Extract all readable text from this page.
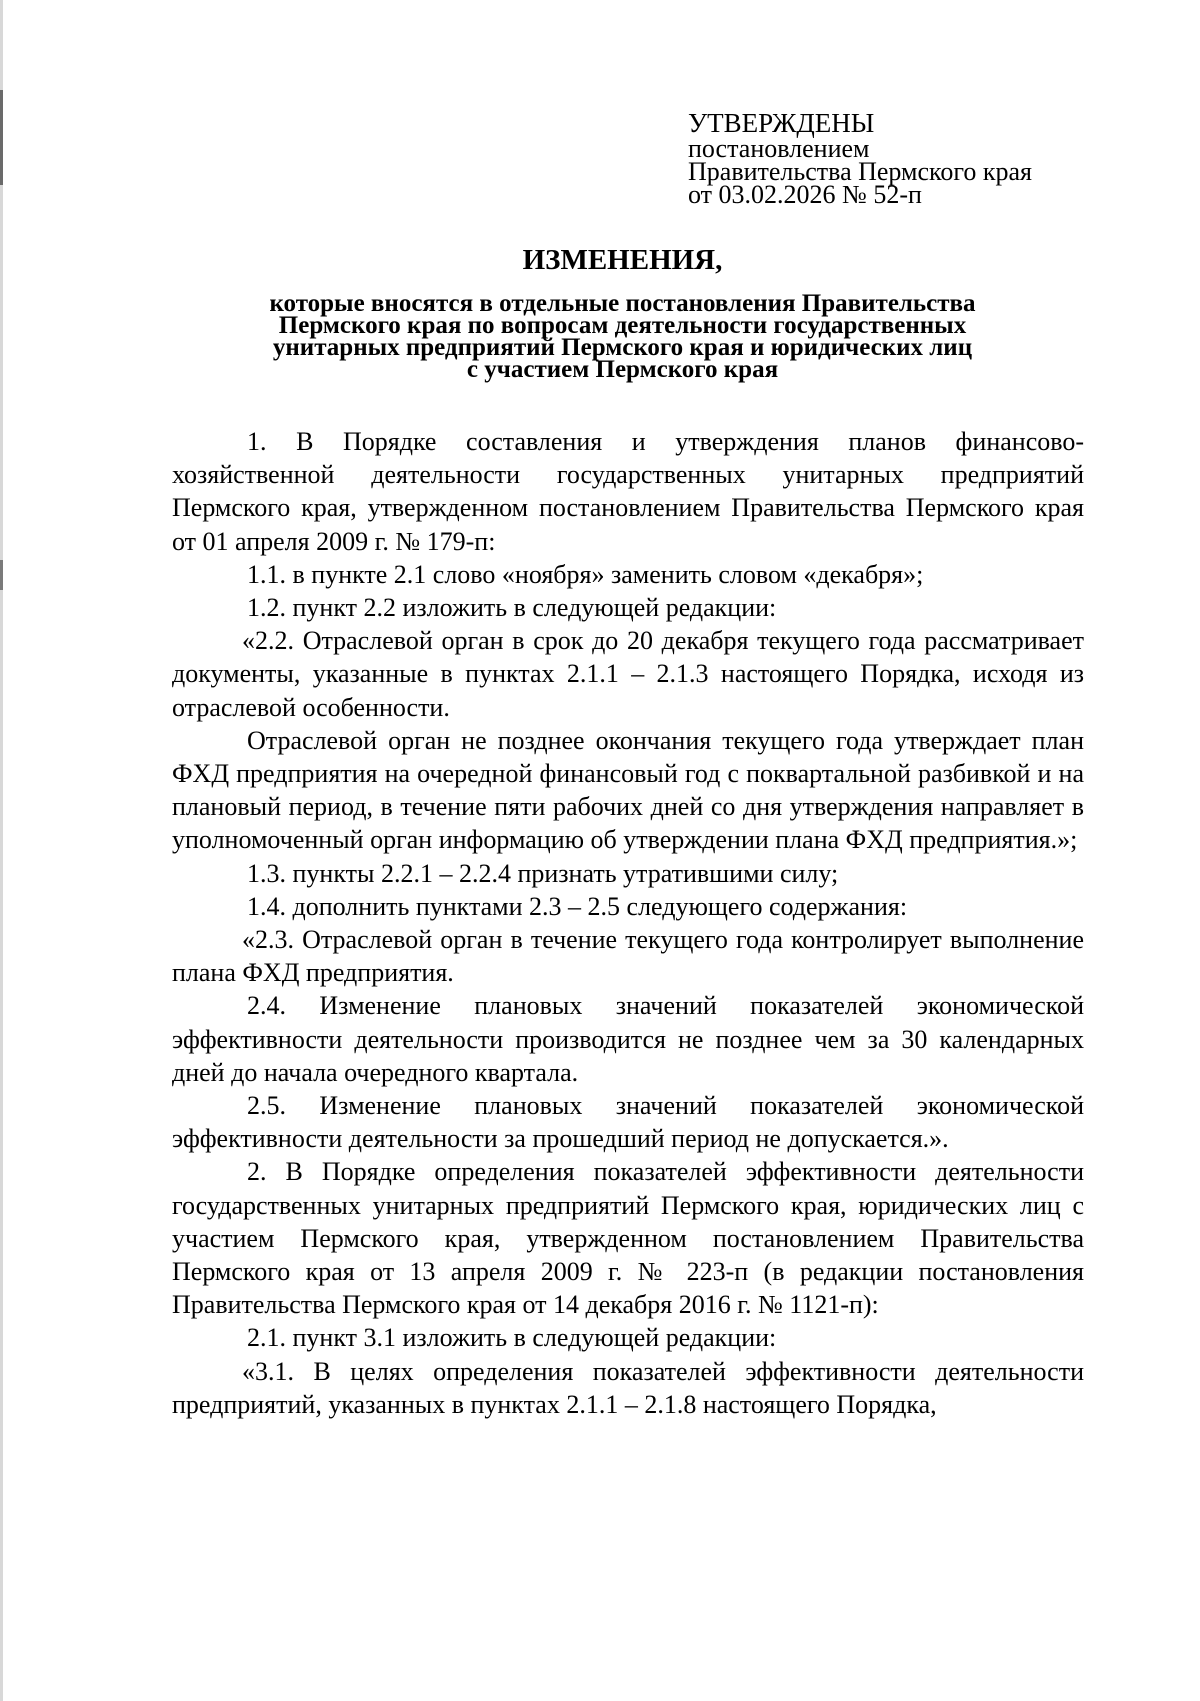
УТВЕРЖДЕНЫ
постановлением
Правительства Пермского края
от 03.02.2026 № 52-п
ИЗМЕНЕНИЯ,
которые вносятся в отдельные постановления Правительства
Пермского края по вопросам деятельности государственных
унитарных предприятий Пермского края и юридических лиц
с участием Пермского края

1. В Порядке составления и утверждения планов финансово-хозяйственной деятельности государственных унитарных предприятий Пермского края, утвержденном постановлением Правительства Пермского края от 01 апреля 2009 г. № 179-п:

1.1. в пункте 2.1 слово «ноября» заменить словом «декабря»;

1.2. пункт 2.2 изложить в следующей редакции:

«2.2. Отраслевой орган в срок до 20 декабря текущего года рассматривает документы, указанные в пунктах 2.1.1 – 2.1.3 настоящего Порядка, исходя из отраслевой особенности.

Отраслевой орган не позднее окончания текущего года утверждает план ФХД предприятия на очередной финансовый год с поквартальной разбивкой и на плановый период, в течение пяти рабочих дней со дня утверждения направляет в уполномоченный орган информацию об утверждении плана ФХД предприятия.»;

1.3. пункты 2.2.1 – 2.2.4 признать утратившими силу;

1.4. дополнить пунктами 2.3 – 2.5 следующего содержания:

«2.3. Отраслевой орган в течение текущего года контролирует выполнение плана ФХД предприятия.

2.4. Изменение плановых значений показателей экономической эффективности деятельности производится не позднее чем за 30 календарных дней до начала очередного квартала.

2.5. Изменение плановых значений показателей экономической эффективности деятельности за прошедший период не допускается.».

2. В Порядке определения показателей эффективности деятельности государственных унитарных предприятий Пермского края, юридических лиц с участием Пермского края, утвержденном постановлением Правительства Пермского края от 13 апреля 2009 г. № 223-п (в редакции постановления Правительства Пермского края от 14 декабря 2016 г. № 1121-п):

2.1. пункт 3.1 изложить в следующей редакции:

«3.1. В целях определения показателей эффективности деятельности предприятий, указанных в пунктах 2.1.1 – 2.1.8 настоящего Порядка,
